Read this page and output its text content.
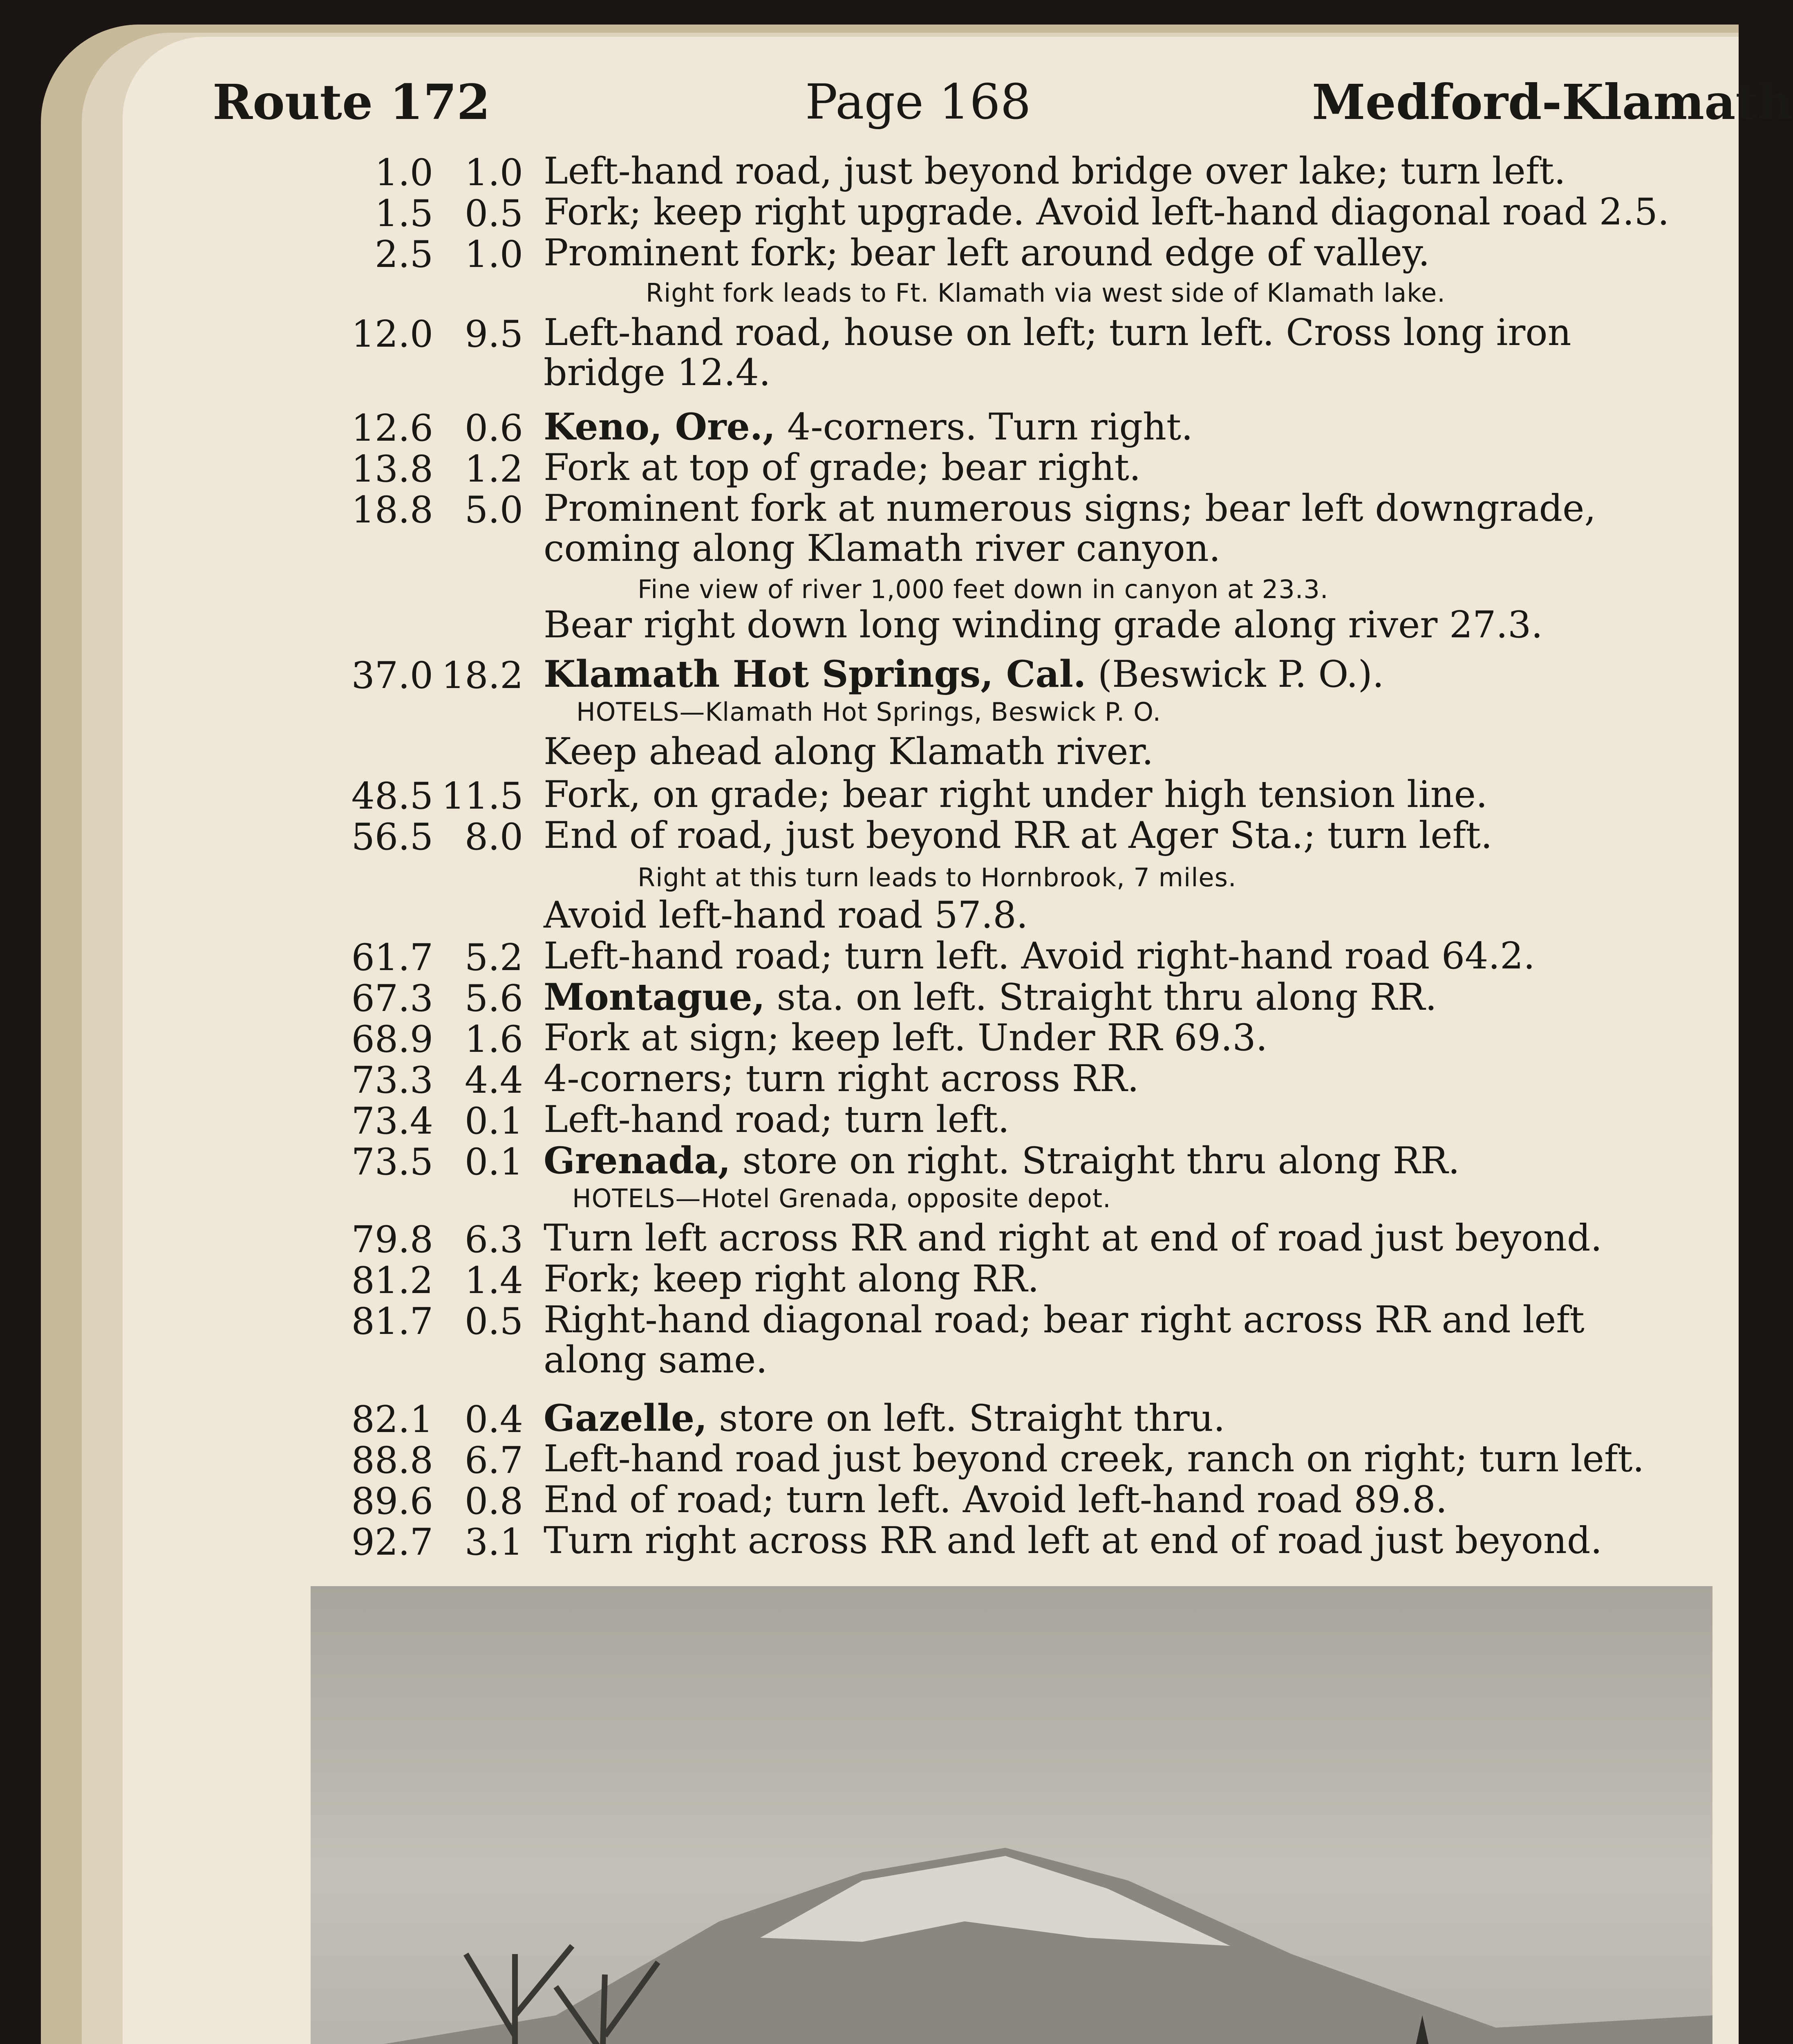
Route 172	Page 168	Medford-Klamath
1.0 1.0 Left-hand road, just beyond bridge over lake; turn left.
1.5 0.5 Fork; keep right upgrade. Avoid left-hand diagonal road 2.5.
2.5 1.0 Prominent fork; bear left around edge of valley.
Right fork leads to Ft. Klamath via west side of Klamath lake.
12.0 9.5 Left-hand road, house on left; turn left. Cross long iron
bridge 12.4.
12.6 0.6 Keno, Ore., 4-corners. Turn right.
13.8 1.2 Fork at top of grade; bear right.
18.8 5.0 Prominent fork at numerous signs; bear left downgrade,
coming along Klamath river canyon.
Fine view of river 1,000 feet down in canyon at 23.3.
Bear right down long winding grade along river 27.3.
37.0 18.2 Klamath Hot Springs, Cal. (Beswick P. O.).
HOTELS—Klamath Hot Springs, Beswick P. O.
Keep ahead along Klamath river.
48.5 11.5 Fork, on grade; bear right under high tension line.
56.5 8.0 End of road, just beyond RR at Ager Sta.; turn left.
Right at this turn leads to Hornbrook, 7 miles.
Avoid left-hand road 57.8.
61.7 5.2 Left-hand road; turn left. Avoid right-hand road 64.2.
67.3 5.6 Montague, sta. on left. Straight thru along RR.
68.9 1.6 Fork at sign; keep left. Under RR 69.3.
73.3 4.4 4-corners; turn right across RR.
73.4 0.1 Left-hand road; turn left.
73.5 0.1 Grenada, store on right. Straight thru along RR.
HOTELS—Hotel Grenada, opposite depot.
79.8 6.3 Turn left across RR and right at end of road just beyond.
81.2 1.4 Fork; keep right along RR.
81.7 0.5 Right-hand diagonal road; bear right across RR and left
along same.
82.1 0.4 Gazelle, store on left. Straight thru.
88.8 6.7 Left-hand road just beyond creek, ranch on right; turn left.
89.6 0.8 End of road; turn left. Avoid left-hand road 89.8.
92.7 3.1 Turn right across RR and left at end of road just beyond.
